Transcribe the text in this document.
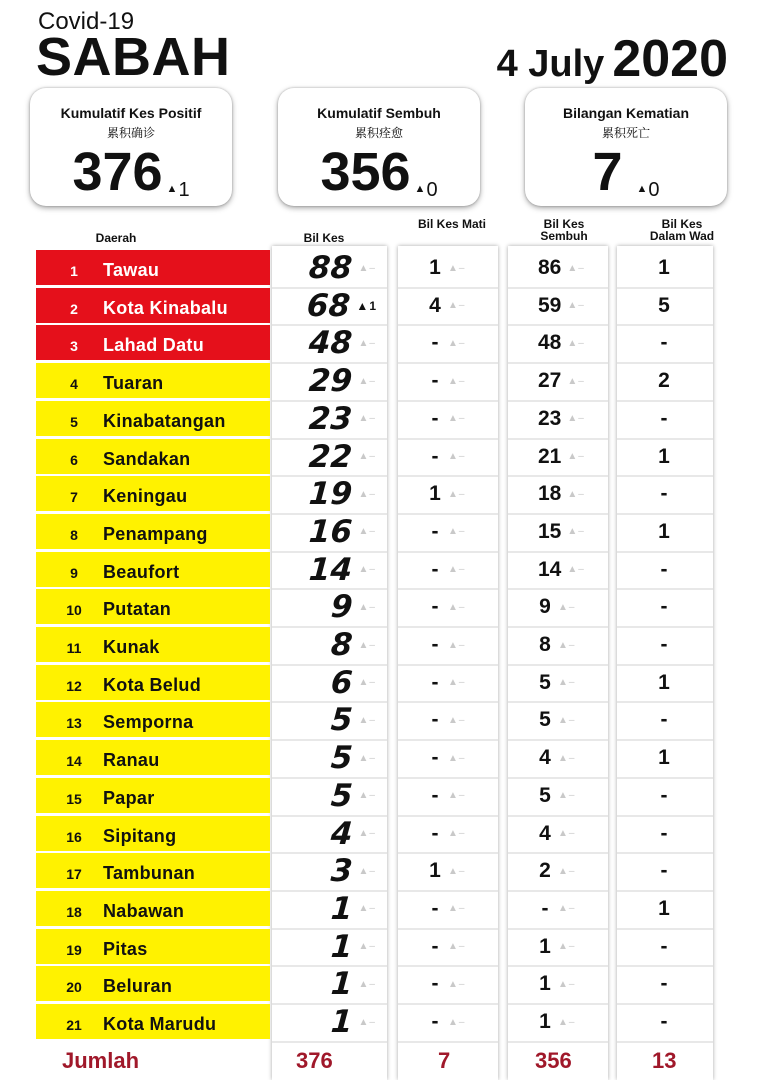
Covid-19
SABAH	4 July 2020
Kumulatif Kes Positif
累积确诊
376 ▲1
Kumulatif Sembuh
累积痊愈
356 ▲0
Bilangan Kematian
累积死亡
7 ▲0
Daerah	Bil Kes
Bil Kes Mati	Bil Kes Sembuh
Bil Kes Dalam Wad
1	Tawau	88 ▲–	1 ▲–	86 ▲–	1
2	Kota Kinabalu	68 ▲ 1	4 ▲–	59 ▲–	5
3	Lahad Datu	48 ▲–	- ▲–	48 ▲–	-
4	Tuaran	29 ▲–	- ▲–	27 ▲–	2
5	Kinabatangan	23 ▲–	- ▲–	23 ▲–	-
6	Sandakan	22 ▲–	- ▲–	21 ▲–	1
7	Keningau	19 ▲–	1 ▲–	18 ▲–	-
8	Penampang	16 ▲–	- ▲–	15 ▲–	1
9	Beaufort	14 ▲–	- ▲–	14 ▲–	-
10 Putatan	9 ▲–	- ▲–	9 ▲–	-
11 Kunak	8 ▲–	- ▲–	8 ▲–	-
12 Kota Belud	6 ▲–	- ▲–	5 ▲–	1
13 Semporna	5 ▲–	- ▲–	5 ▲–	-
14 Ranau	5 ▲–	- ▲–	4 ▲–	1
15 Papar	5 ▲–	- ▲–	5 ▲–	-
16 Sipitang	4 ▲–	- ▲–	4 ▲–	-
17 Tambunan	3 ▲–	1 ▲–	2 ▲–	-
18 Nabawan	1 ▲–	- ▲–	- ▲–	1
19 Pitas	1 ▲–	- ▲–	1 ▲–	-
20 Beluran	1 ▲–	- ▲–	1 ▲–	-
21 Kota Marudu	1 ▲–	- ▲–	1 ▲–	-
Jumlah	376	7	356	13
